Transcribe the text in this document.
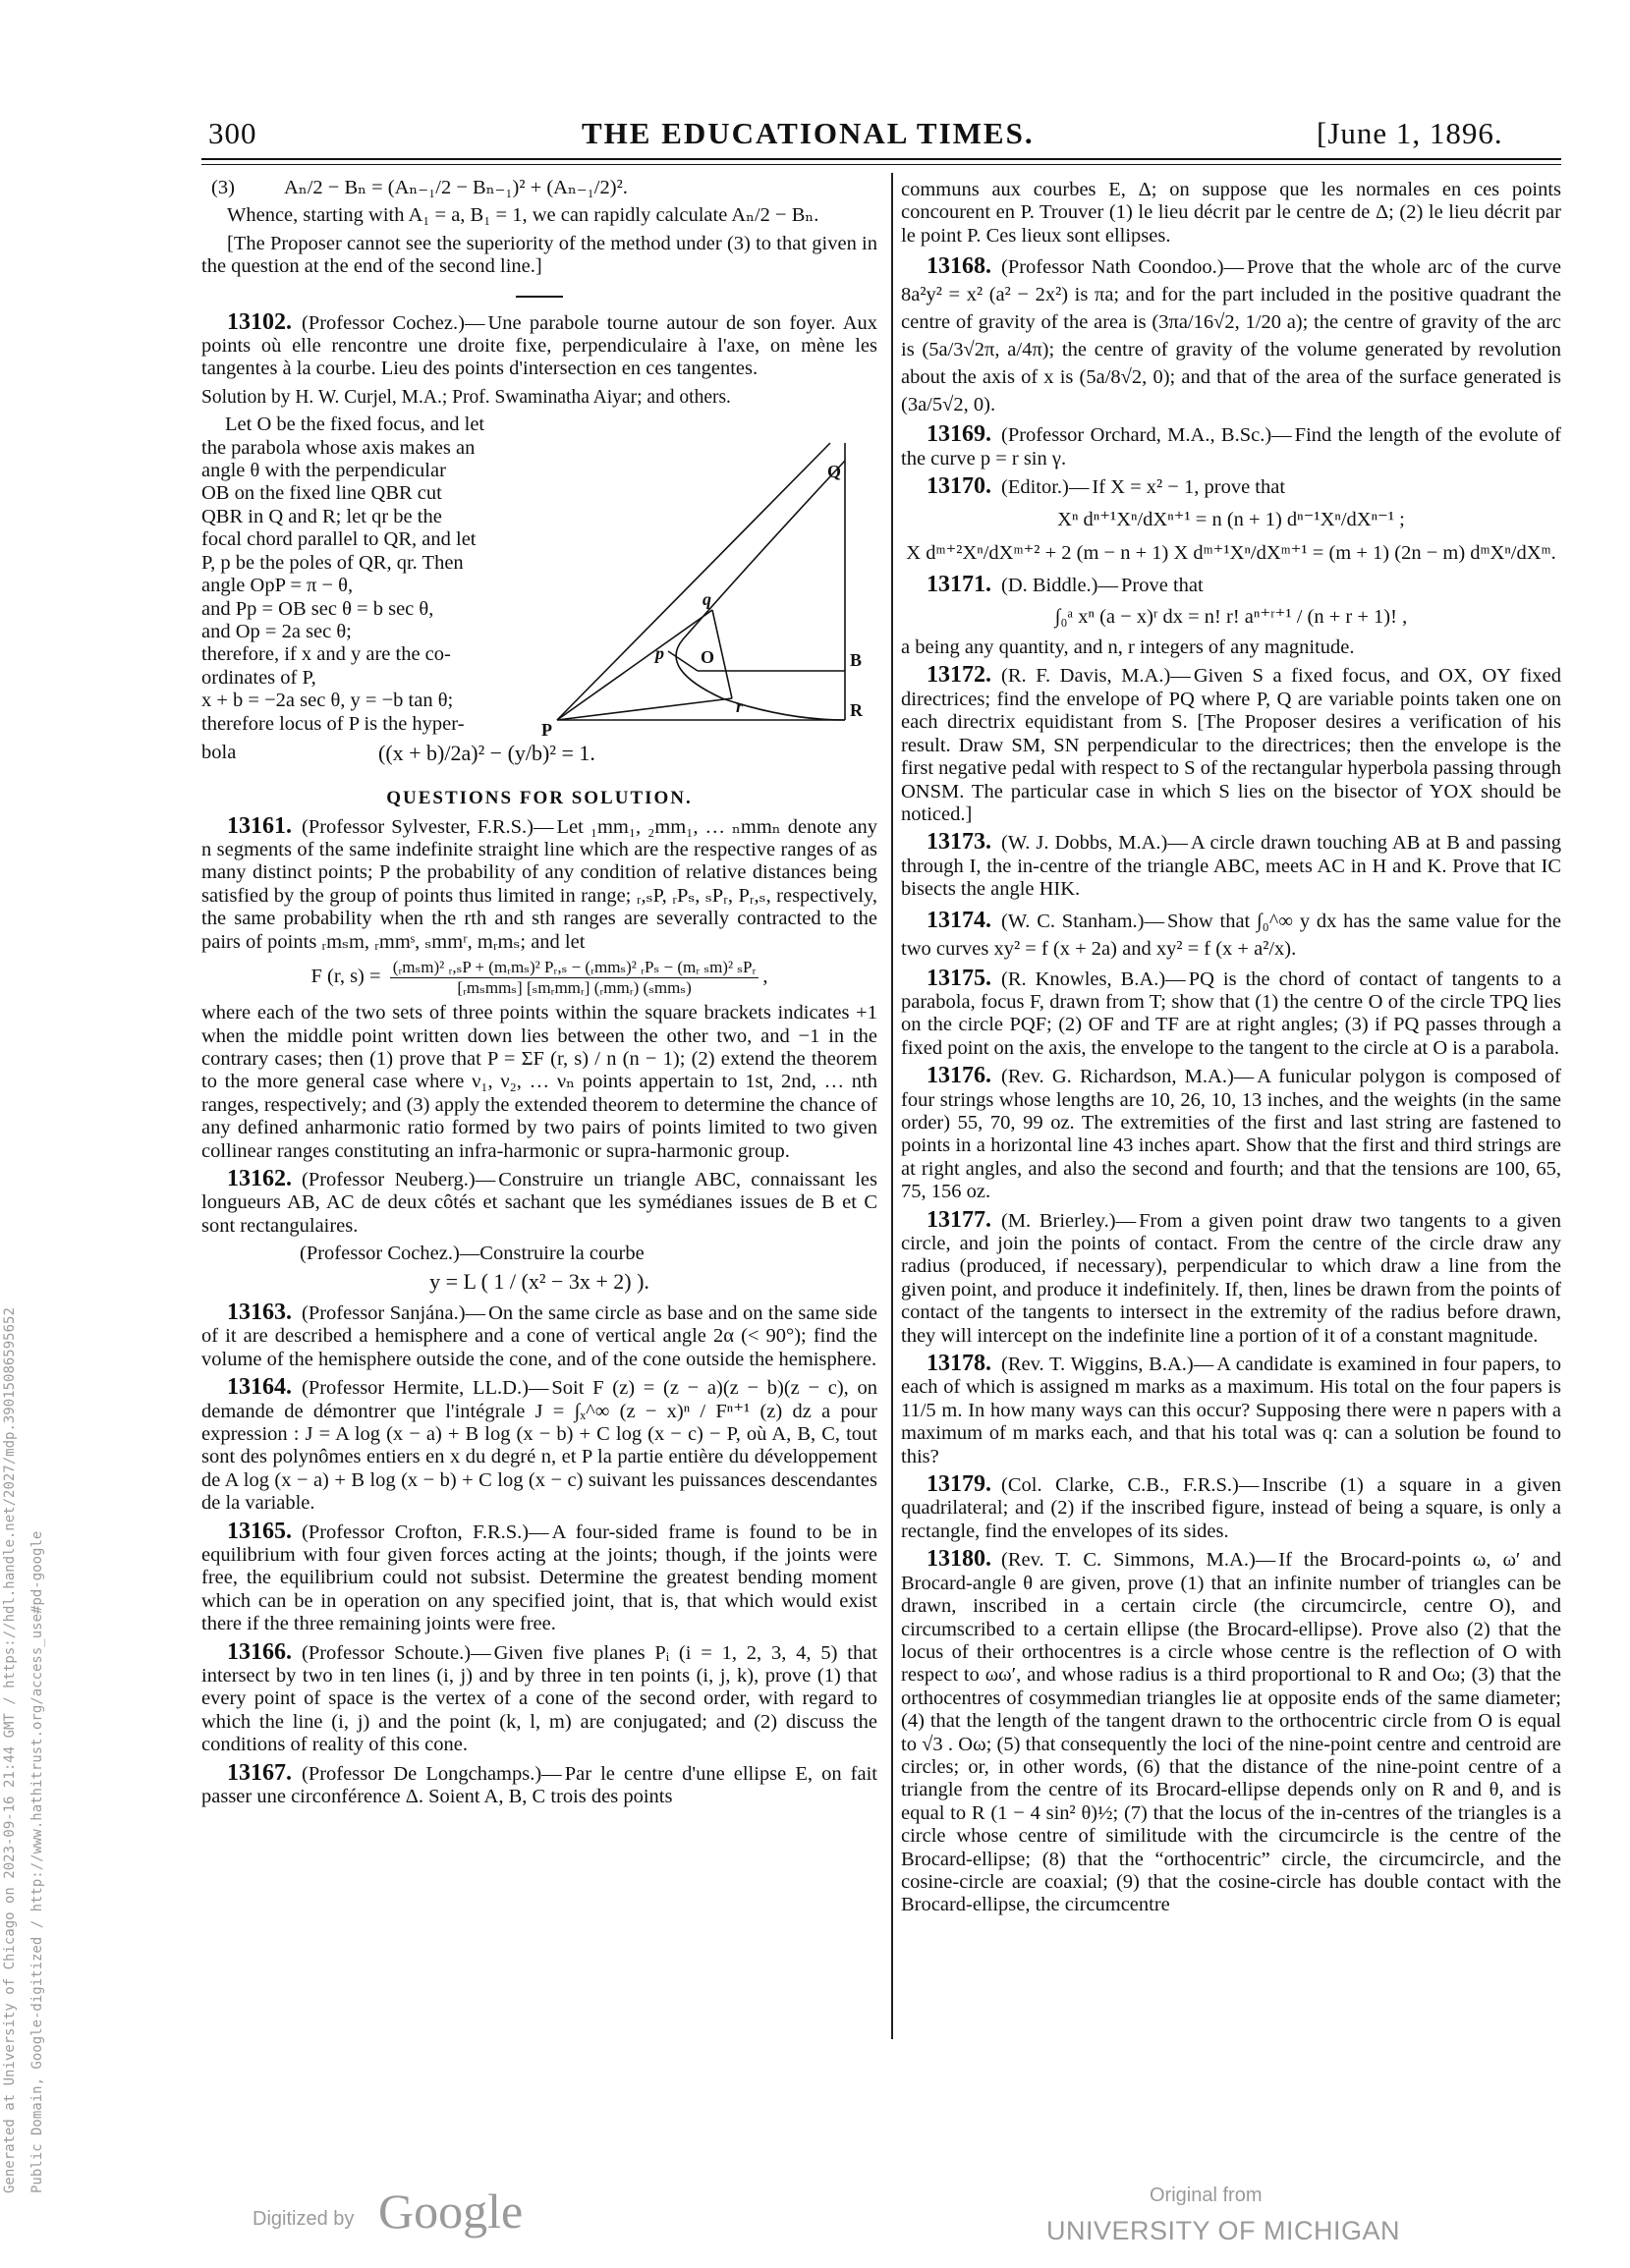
300	THE EDUCATIONAL TIMES.	[June 1, 1896.

(3)          Aₙ/2 − Bₙ = (Aₙ₋₁/2 − Bₙ₋₁)² + (Aₙ₋₁/2)².

Whence, starting with A₁ = a, B₁ = 1, we can rapidly calculate Aₙ/2 − Bₙ.

[The Proposer cannot see the superiority of the method under (3) to that given in the question at the end of the second line.]

13102. (Professor Cochez.)— Une parabole tourne autour de son foyer. Aux points où elle rencontre une droite fixe, perpendiculaire à l'axe, on mène les tangentes à la courbe. Lieu des points d'intersection en ces tangentes.

Solution by H. W. Curjel, M.A.; Prof. Swaminatha Aiyar; and others.

Let O be the fixed focus, and let
the parabola whose axis makes an
angle θ with the perpendicular
OB on the fixed line QBR cut
QBR in Q and R; let qr be the
focal chord parallel to QR, and let
P, p be the poles of QR, qr. Then
angle OpP = π − θ,
and Pp = OB sec θ = b sec θ,
and Op = 2a sec θ;
therefore, if x and y are the co-
ordinates of P,
x + b = −2a sec θ, y = −b tan θ;
therefore locus of P is the hyper-
Q
B
R
P
O
p
q
r
bola	((x + b)/2a)² − (y/b)² = 1.
QUESTIONS FOR SOLUTION.

13161. (Professor Sylvester, F.R.S.)— Let ₁mm₁, ₂mm₁, … ₙmmₙ denote any n segments of the same indefinite straight line which are the respective ranges of as many distinct points; P the probability of any condition of relative distances being satisfied by the group of points thus limited in range; ᵣ,ₛP, ᵣPₛ, ₛPᵣ, Pᵣ,ₛ, respectively, the same probability when the rth and sth ranges are severally contracted to the pairs of points ᵣmₛm, ᵣmmˢ, ₛmmʳ, mᵣmₛ; and let

F (r, $s) = \frac{\text{(ᵣmₛm)² ᵣ,ₛP + (mᵣmₛ)² Pᵣ,ₛ − (ᵣmmₛ)² ᵣPₛ − (mᵣ ₛm)² ₛPᵣ}}{\text{[ᵣmₛmmₛ] [ₛmᵣmmᵣ] (ᵣmmᵣ) (ₛmmₛ)}}$ ,

where each of the two sets of three points within the square brackets indicates +1 when the middle point written down lies between the other two, and −1 in the contrary cases; then (1) prove that P = ΣF (r, s) / n (n − 1); (2) extend the theorem to the more general case where ν₁, ν₂, … νₙ points appertain to 1st, 2nd, … nth ranges, respectively; and (3) apply the extended theorem to determine the chance of any defined anharmonic ratio formed by two pairs of points limited to two given collinear ranges constituting an infra-harmonic or supra-harmonic group.

13162. (Professor Neuberg.)— Construire un triangle ABC, connaissant les longueurs AB, AC de deux côtés et sachant que les symédianes issues de B et C sont rectangulaires.

(Professor Cochez.)—Construire la courbe

y = L ( 1 / (x² − 3x + 2) ).

13163. (Professor Sanjána.)— On the same circle as base and on the same side of it are described a hemisphere and a cone of vertical angle 2α (< 90°); find the volume of the hemisphere outside the cone, and of the cone outside the hemisphere.

13164. (Professor Hermite, LL.D.)— Soit F (z) = (z − a)(z − b)(z − c), on demande de démontrer que l'intégrale J = ∫ₓ^∞ (z − x)ⁿ / Fⁿ⁺¹ (z) dz a pour expression : J = A log (x − a) + B log (x − b) + C log (x − c) − P, où A, B, C, tout sont des polynômes entiers en x du degré n, et P la partie entière du développement de A log (x − a) + B log (x − b) + C log (x − c) suivant les puissances descendantes de la variable.

13165. (Professor Crofton, F.R.S.)— A four-sided frame is found to be in equilibrium with four given forces acting at the joints; though, if the joints were free, the equilibrium could not subsist. Determine the greatest bending moment which can be in operation on any specified joint, that is, that which would exist there if the three remaining joints were free.

13166. (Professor Schoute.)— Given five planes Pᵢ (i = 1, 2, 3, 4, 5) that intersect by two in ten lines (i, j) and by three in ten points (i, j, k), prove (1) that every point of space is the vertex of a cone of the second order, with regard to which the line (i, j) and the point (k, l, m) are conjugated; and (2) discuss the conditions of reality of this cone.

13167. (Professor De Longchamps.)— Par le centre d'une ellipse E, on fait passer une circonférence Δ. Soient A, B, C trois des points

communs aux courbes E, Δ; on suppose que les normales en ces points concourent en P. Trouver (1) le lieu décrit par le centre de Δ; (2) le lieu décrit par le point P. Ces lieux sont ellipses.

13168. (Professor Nath Coondoo.)— Prove that the whole arc of the curve 8a²y² = x² (a² − 2x²) is πa; and for the part included in the positive quadrant the centre of gravity of the area is (3πa/16√2, 1/20 a); the centre of gravity of the arc is (5a/3√2π, a/4π); the centre of gravity of the volume generated by revolution about the axis of x is (5a/8√2, 0); and that of the area of the surface generated is (3a/5√2, 0).

13169. (Professor Orchard, M.A., B.Sc.)— Find the length of the evolute of the curve p = r sin γ.

13170. (Editor.)— If X = x² − 1, prove that

Xⁿ dⁿ⁺¹Xⁿ/dXⁿ⁺¹ = n (n + 1) dⁿ⁻¹Xⁿ/dXⁿ⁻¹ ;
X dᵐ⁺²Xⁿ/dXᵐ⁺² + 2 (m − n + 1) X dᵐ⁺¹Xⁿ/dXᵐ⁺¹ = (m + 1) (2n − m) dᵐXⁿ/dXᵐ.

13171. (D. Biddle.)— Prove that

∫₀ᵃ xⁿ (a − x)ʳ dx = n! r! aⁿ⁺ʳ⁺¹ / (n + r + 1)! ,

a being any quantity, and n, r integers of any magnitude.

13172. (R. F. Davis, M.A.)— Given S a fixed focus, and OX, OY fixed directrices; find the envelope of PQ where P, Q are variable points taken one on each directrix equidistant from S. [The Proposer desires a verification of his result. Draw SM, SN perpendicular to the directrices; then the envelope is the first negative pedal with respect to S of the rectangular hyperbola passing through ONSM. The particular case in which S lies on the bisector of YOX should be noticed.]

13173. (W. J. Dobbs, M.A.)— A circle drawn touching AB at B and passing through I, the in-centre of the triangle ABC, meets AC in H and K. Prove that IC bisects the angle HIK.

13174. (W. C. Stanham.)— Show that ∫₀^∞ y dx has the same value for the two curves xy² = f (x + 2a) and xy² = f (x + a²/x).

13175. (R. Knowles, B.A.)— PQ is the chord of contact of tangents to a parabola, focus F, drawn from T; show that (1) the centre O of the circle TPQ lies on the circle PQF; (2) OF and TF are at right angles; (3) if PQ passes through a fixed point on the axis, the envelope to the tangent to the circle at O is a parabola.

13176. (Rev. G. Richardson, M.A.)— A funicular polygon is composed of four strings whose lengths are 10, 26, 10, 13 inches, and the weights (in the same order) 55, 70, 99 oz. The extremities of the first and last string are fastened to points in a horizontal line 43 inches apart. Show that the first and third strings are at right angles, and also the second and fourth; and that the tensions are 100, 65, 75, 156 oz.

13177. (M. Brierley.)— From a given point draw two tangents to a given circle, and join the points of contact. From the centre of the circle draw any radius (produced, if necessary), perpendicular to which draw a line from the given point, and produce it indefinitely. If, then, lines be drawn from the points of contact of the tangents to intersect in the extremity of the radius before drawn, they will intercept on the indefinite line a portion of it of a constant magnitude.

13178. (Rev. T. Wiggins, B.A.)— A candidate is examined in four papers, to each of which is assigned m marks as a maximum. His total on the four papers is 11/5 m. In how many ways can this occur? Supposing there were n papers with a maximum of m marks each, and that his total was q: can a solution be found to this?

13179. (Col. Clarke, C.B., F.R.S.)— Inscribe (1) a square in a given quadrilateral; and (2) if the inscribed figure, instead of being a square, is only a rectangle, find the envelopes of its sides.

13180. (Rev. T. C. Simmons, M.A.)— If the Brocard-points ω, ω′ and Brocard-angle θ are given, prove (1) that an infinite number of triangles can be drawn, inscribed in a certain circle (the circumcircle, centre O), and circumscribed to a certain ellipse (the Brocard-ellipse). Prove also (2) that the locus of their orthocentres is a circle whose centre is the reflection of O with respect to ωω′, and whose radius is a third proportional to R and Oω; (3) that the orthocentres of cosymmedian triangles lie at opposite ends of the same diameter; (4) that the length of the tangent drawn to the orthocentric circle from O is equal to √3 . Oω; (5) that consequently the loci of the nine-point centre and centroid are circles; or, in other words, (6) that the distance of the nine-point centre of a triangle from the centre of its Brocard-ellipse depends only on R and θ, and is equal to R (1 − 4 sin² θ)½; (7) that the locus of the in-centres of the triangles is a circle whose centre of similitude with the circumcircle is the centre of the Brocard-ellipse; (8) that the “orthocentric” circle, the circumcircle, and the cosine-circle are coaxial; (9) that the cosine-circle has double contact with the Brocard-ellipse, the circumcentre

Generated at University of Chicago on 2023-09-16 21:44 GMT / https://hdl.handle.net/2027/mdp.39015086595652 Public Domain, Google-digitized / http://www.hathitrust.org/access_use#pd-google
Digitized by Google	Original from
UNIVERSITY OF MICHIGAN
